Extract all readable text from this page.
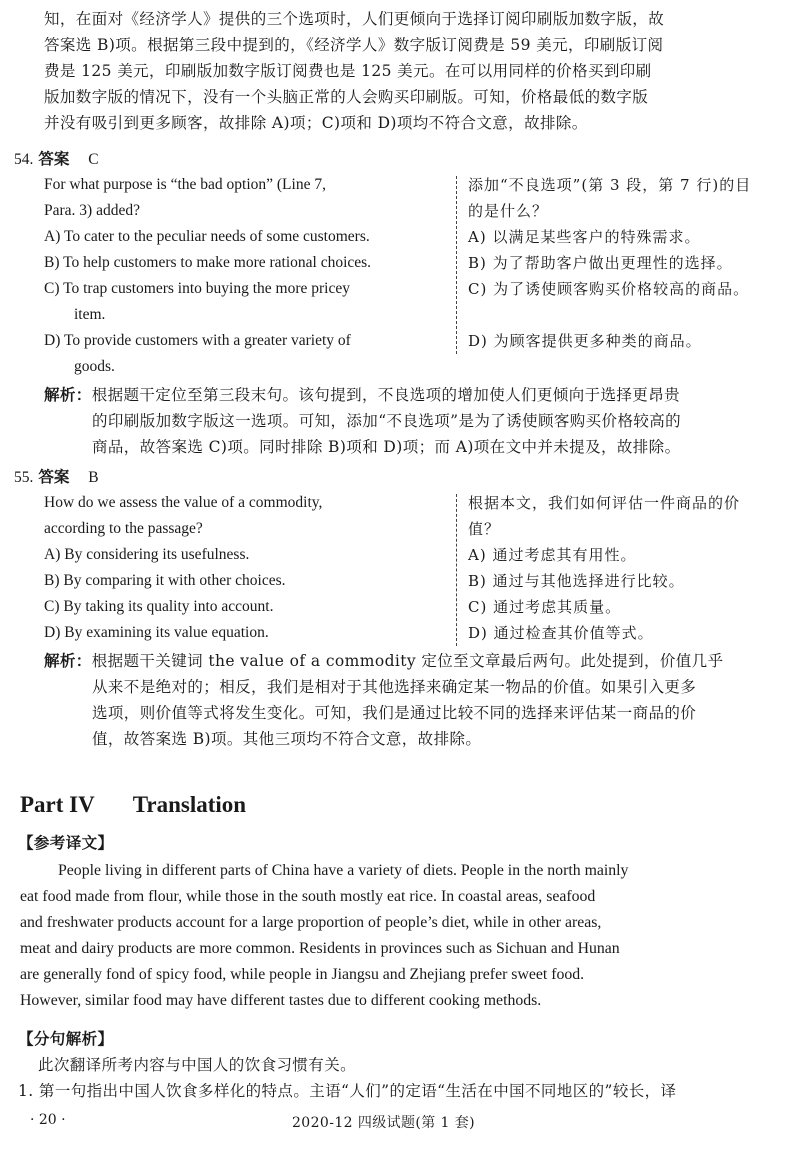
知，在面对《经济学人》提供的三个选项时，人们更倾向于选择订阅印刷版加数字版，故
答案选 B)项。根据第三段中提到的，《经济学人》数字版订阅费是 59 美元，印刷版订阅
费是 125 美元，印刷版加数字版订阅费也是 125 美元。在可以用同样的价格买到印刷
版加数字版的情况下，没有一个头脑正常的人会购买印刷版。可知，价格最低的数字版
并没有吸引到更多顾客，故排除 A)项；C)项和 D)项均不符合文意，故排除。
54. 答案 C
For what purpose is “the bad option” (Line 7,
Para. 3) added?
A) To cater to the peculiar needs of some customers.
B) To help customers to make more rational choices.
C) To trap customers into buying the more pricey
item.
D) To provide customers with a greater variety of
goods.
添加“不良选项”(第 3 段，第 7 行)的目
的是什么？
A) 以满足某些客户的特殊需求。
B) 为了帮助客户做出更理性的选择。
C) 为了诱使顾客购买价格较高的商品。

D) 为顾客提供更多种类的商品。
解析：根据题干定位至第三段末句。该句提到，不良选项的增加使人们更倾向于选择更昂贵
的印刷版加数字版这一选项。可知，添加“不良选项”是为了诱使顾客购买价格较高的
商品，故答案选 C)项。同时排除 B)项和 D)项；而 A)项在文中并未提及，故排除。
55. 答案 B
How do we assess the value of a commodity,
according to the passage?
A) By considering its usefulness.
B) By comparing it with other choices.
C) By taking its quality into account.
D) By examining its value equation.
根据本文，我们如何评估一件商品的价
值？
A) 通过考虑其有用性。
B) 通过与其他选择进行比较。
C) 通过考虑其质量。
D) 通过检查其价值等式。
解析：根据题干关键词 the value of a commodity 定位至文章最后两句。此处提到，价值几乎
从来不是绝对的；相反，我们是相对于其他选择来确定某一物品的价值。如果引入更多
选项，则价值等式将发生变化。可知，我们是通过比较不同的选择来评估某一商品的价
值，故答案选 B)项。其他三项均不符合文意，故排除。
Part IV Translation
【参考译文】
People living in different parts of China have a variety of diets. People in the north mainly
eat food made from flour, while those in the south mostly eat rice. In coastal areas, seafood
and freshwater products account for a large proportion of people’s diet, while in other areas,
meat and dairy products are more common. Residents in provinces such as Sichuan and Hunan
are generally fond of spicy food, while people in Jiangsu and Zhejiang prefer sweet food.
However, similar food may have different tastes due to different cooking methods.
【分句解析】
此次翻译所考内容与中国人的饮食习惯有关。
1. 第一句指出中国人饮食多样化的特点。主语“人们”的定语“生活在中国不同地区的”较长，译
· 20 ·	2020-12 四级试题(第 1 套)
